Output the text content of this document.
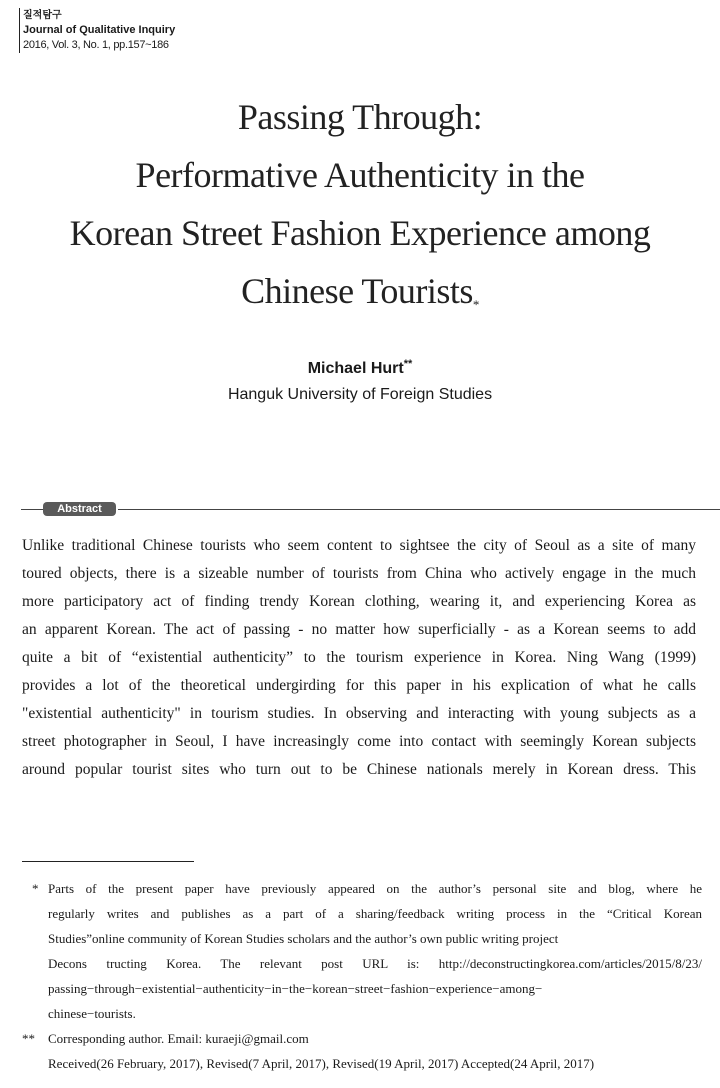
질적탐구
Journal of Qualitative Inquiry
2016, Vol. 3, No. 1, pp.157~186
Passing Through:
Performative Authenticity in the
Korean Street Fashion Experience among
Chinese Tourists*
Michael Hurt**
Hanguk University of Foreign Studies
Abstract
Unlike traditional Chinese tourists who seem content to sightsee the city of Seoul as a site of many
toured objects, there is a sizeable number of tourists from China who actively engage in the much
more participatory act of finding trendy Korean clothing, wearing it, and experiencing Korea as
an apparent Korean. The act of passing - no matter how superficially - as a Korean seems to add
quite a bit of “existential authenticity” to the tourism experience in Korea. Ning Wang (1999)
provides a lot of the theoretical undergirding for this paper in his explication of what he calls
"existential authenticity" in tourism studies. In observing and interacting with young subjects as a
street photographer in Seoul, I have increasingly come into contact with seemingly Korean subjects
around popular tourist sites who turn out to be Chinese nationals merely in Korean dress. This
* Parts of the present paper have previously appeared on the author’s personal site and blog, where he
regularly writes and publishes as a part of a sharing/feedback writing process in the “Critical Korean
Studies”online community of Korean Studies scholars and the author’s own public writing project
Decons tructing Korea. The relevant post URL is: http://deconstructingkorea.com/articles/2015/8/23/
passing−through−existential−authenticity−in−the−korean−street−fashion−experience−among−
chinese−tourists.
** Corresponding author. Email: kuraeji@gmail.com
Received(26 February, 2017), Revised(7 April, 2017), Revised(19 April, 2017) Accepted(24 April, 2017)
